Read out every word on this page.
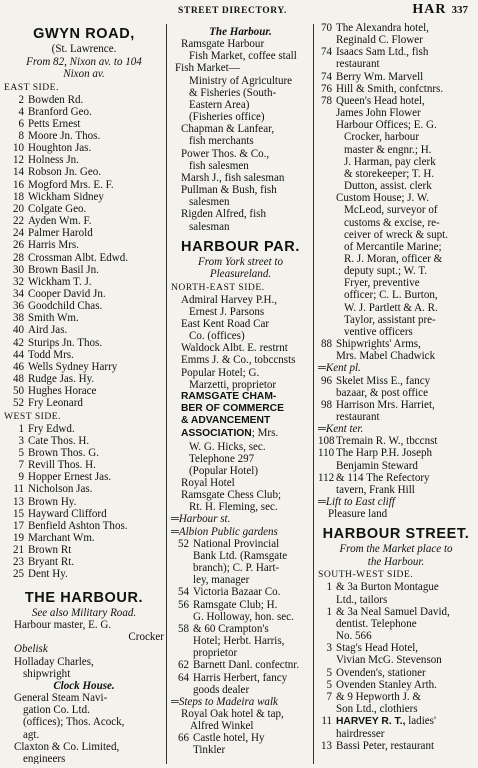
STREET DIRECTORY.	HAR 337
GWYN ROAD,
(St. Lawrence.
From 82, Nixon av. to 104
Nixon av.
EAST SIDE.
2 Bowden Rd.
4 Branford Geo.
6 Petts Ernest
8 Moore Jn. Thos.
10 Houghton Jas.
12 Holness Jn.
14 Robson Jn. Geo.
16 Mogford Mrs. E. F.
18 Wickham Sidney
20 Colgate Geo.
22 Ayden Wm. F.
24 Palmer Harold
26 Harris Mrs.
28 Crossman Albt. Edwd.
30 Brown Basil Jn.
32 Wickham T. J.
34 Cooper David Jn.
36 Goodchild Chas.
38 Smith Wm.
40 Aird Jas.
42 Sturips Jn. Thos.
44 Todd Mrs.
46 Wells Sydney Harry
48 Rudge Jas. Hy.
50 Hughes Horace
52 Fry Leonard
WEST SIDE.
1 Fry Edwd.
3 Cate Thos. H.
5 Brown Thos. G.
7 Revill Thos. H.
9 Hopper Ernest Jas.
11 Nicholson Jas.
13 Brown Hy.
15 Hayward Clifford
17 Benfield Ashton Thos.
19 Marchant Wm.
21 Brown Rt
23 Bryant Rt.
25 Dent Hy.
THE HARBOUR.
See also Military Road.
Harbour master, E. G.

Crocker
Obelisk
Holladay Charles,
shipwright
Clock House.
General Steam Navi-
gation Co. Ltd.
(offices); Thos. Acock,
agt.
Claxton & Co. Limited,
engineers
The Harbour.
Ramsgate Harbour
Fish Market, coffee stall
Fish Market—
Ministry of Agriculture
& Fisheries (South-
Eastern Area)
(Fisheries office)
Chapman & Lanfear,
fish merchants
Power Thos. & Co.,
fish salesmen
Marsh J., fish salesman
Pullman & Bush, fish
salesmen
Rigden Alfred, fish
salesman
HARBOUR PAR.
From York street to
Pleasureland.
NORTH-EAST SIDE.
Admiral Harvey P.H.,
Ernest J. Parsons
East Kent Road Car
Co. (offices)
Waldock Albt. E. restrnt
Emms J. & Co., tobccnsts
Popular Hotel; G.
Marzetti, proprietor
RAMSGATE CHAM-
BER OF COMMERCE
& ADVANCEMENT
ASSOCIATION; Mrs.
W. G. Hicks, sec.
Telephone 297
(Popular Hotel)
Royal Hotel
Ramsgate Chess Club;
Rt. H. Fleming, sec.
═Harbour st.
═Albion Public gardens
52 National Provincial
Bank Ltd. (Ramsgate
branch); C. P. Hart-
ley, manager
54 Victoria Bazaar Co.
56 Ramsgate Club; H.
G. Holloway, hon. sec.
58 & 60 Crampton's
Hotel; Herbt. Harris,
proprietor
62 Barnett Danl. confectnr.
64 Harris Herbert, fancy
goods dealer
═Steps to Madeira walk
Royal Oak hotel & tap,
Alfred Winkel
66 Castle hotel, Hy
Tinkler
70 The Alexandra hotel,
Reginald C. Flower
74 Isaacs Sam Ltd., fish
restaurant
74 Berry Wm. Marvell
76 Hill & Smith, confctnrs.
78 Queen's Head hotel,
James John Flower
Harbour Offices; E. G.
Crocker, harbour
master & engnr.; H.
J. Harman, pay clerk
& storekeeper; T. H.
Dutton, assist. clerk
Custom House; J. W.
McLeod, surveyor of
customs & excise, re-
ceiver of wreck & supt.
of Mercantile Marine;
R. J. Moran, officer &
deputy supt.; W. T.
Fryer, preventive
officer; C. L. Burton,
W. J. Partlett & A. R.
Taylor, assistant pre-
ventive officers
88 Shipwrights' Arms,
Mrs. Mabel Chadwick
═Kent pl.
96 Skelet Miss E., fancy
bazaar, & post office
98 Harrison Mrs. Harriet,
restaurant
═Kent ter.
108Tremain R. W., tbccnst
110 The Harp P.H. Joseph
Benjamin Steward
112 & 114 The Refectory
tavern, Frank Hill
═Lift to East cliff
Pleasure land
HARBOUR STREET.
From the Market place to
the Harbour.
SOUTH-WEST SIDE.
1 & 3a Burton Montague
Ltd., tailors
1 & 3a Neal Samuel David,
dentist. Telephone
No. 566
3 Stag's Head Hotel,
Vivian McG. Stevenson
5 Ovenden's, stationer
5 Ovenden Stanley Arth.
7 & 9 Hepworth J. &
Son Ltd., clothiers
11 HARVEY R. T., ladies'
hairdresser
13 Bassi Peter, restaurant
